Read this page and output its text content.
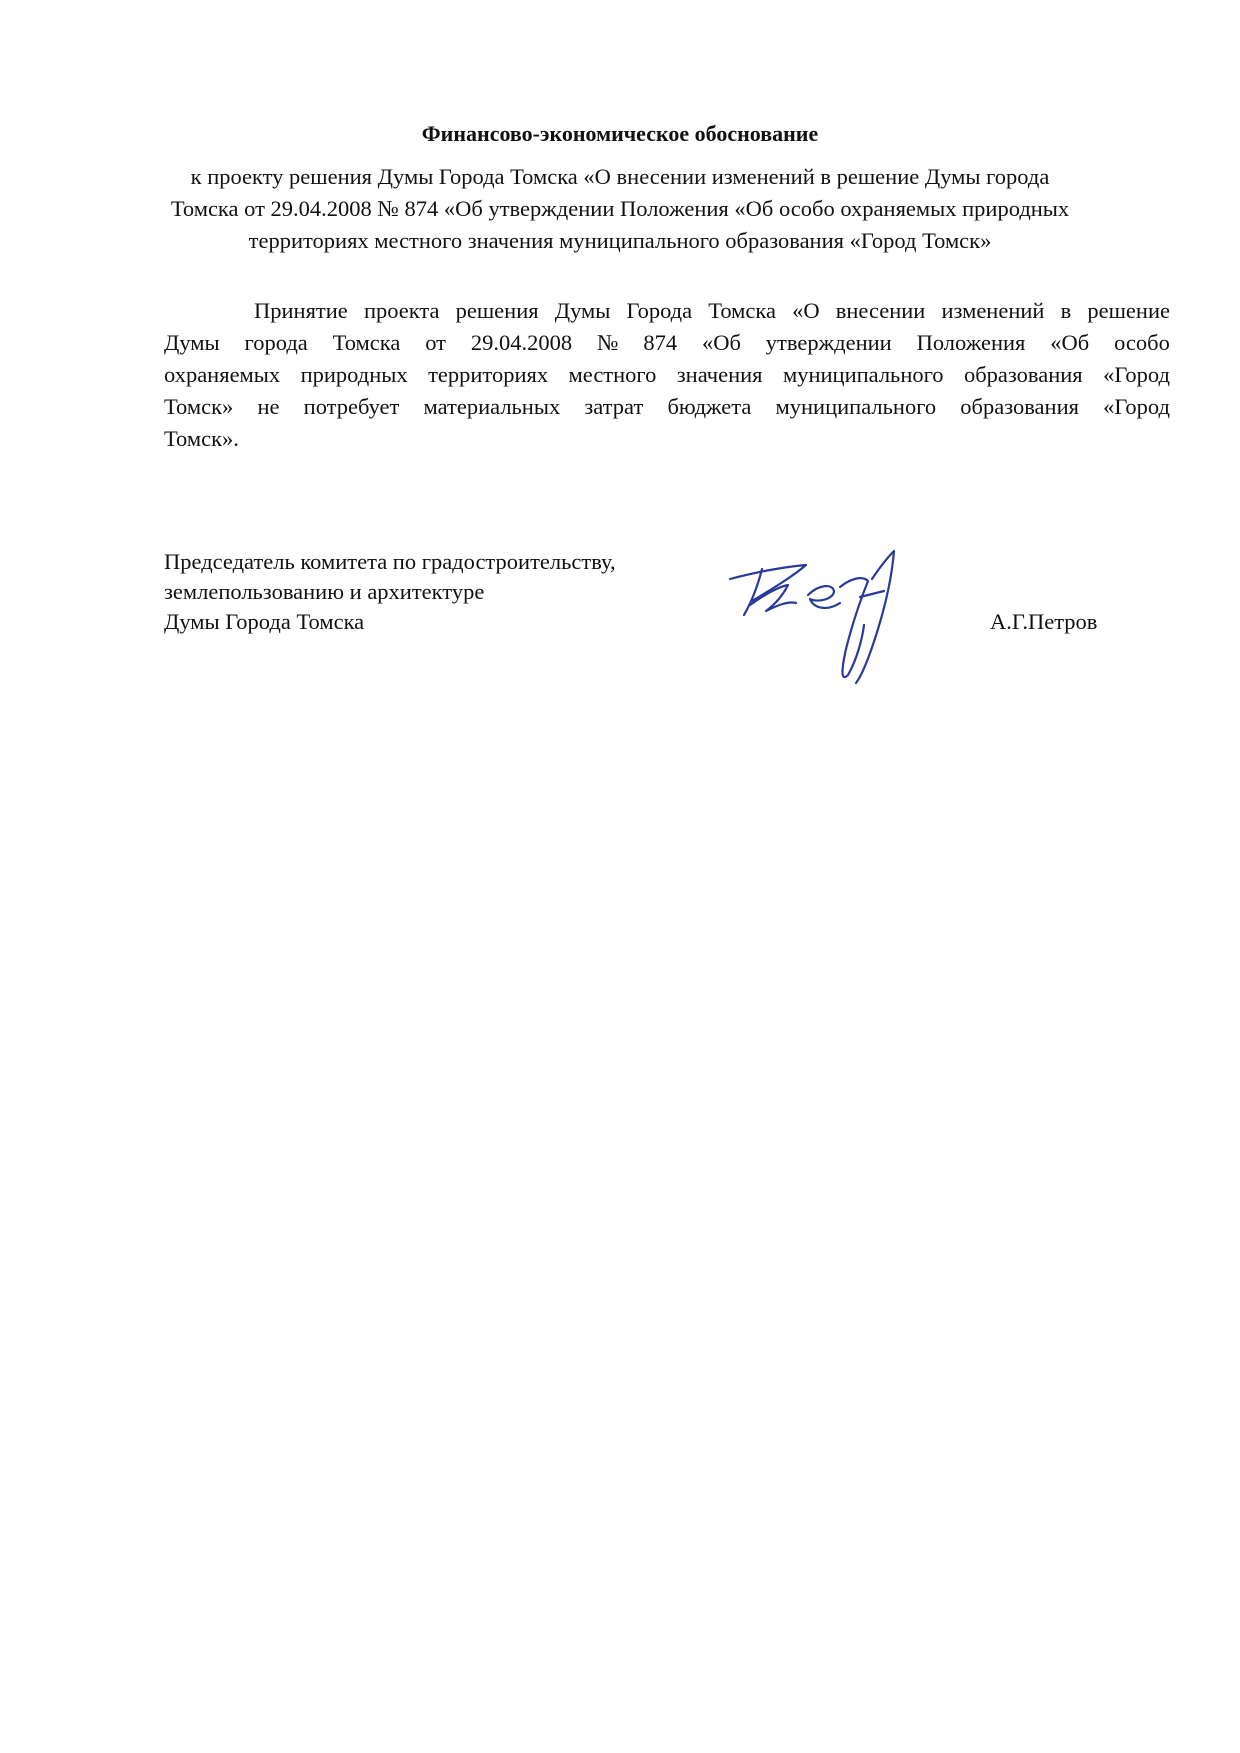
Финансово-экономическое обоснование
к проекту решения Думы Города Томска «О внесении изменений в решение Думы города
Томска от 29.04.2008 № 874 «Об утверждении Положения «Об особо охраняемых природных
территориях местного значения муниципального образования «Город Томск»
Принятие проекта решения Думы Города Томска «О внесении изменений в решение
Думы города Томска от 29.04.2008 № 874 «Об утверждении Положения «Об особо
охраняемых природных территориях местного значения муниципального образования «Город
Томск» не потребует материальных затрат бюджета муниципального образования «Город
Томск».
Председатель комитета по градостроительству,
землепользованию и архитектуре
Думы Города Томска	А.Г.Петров
